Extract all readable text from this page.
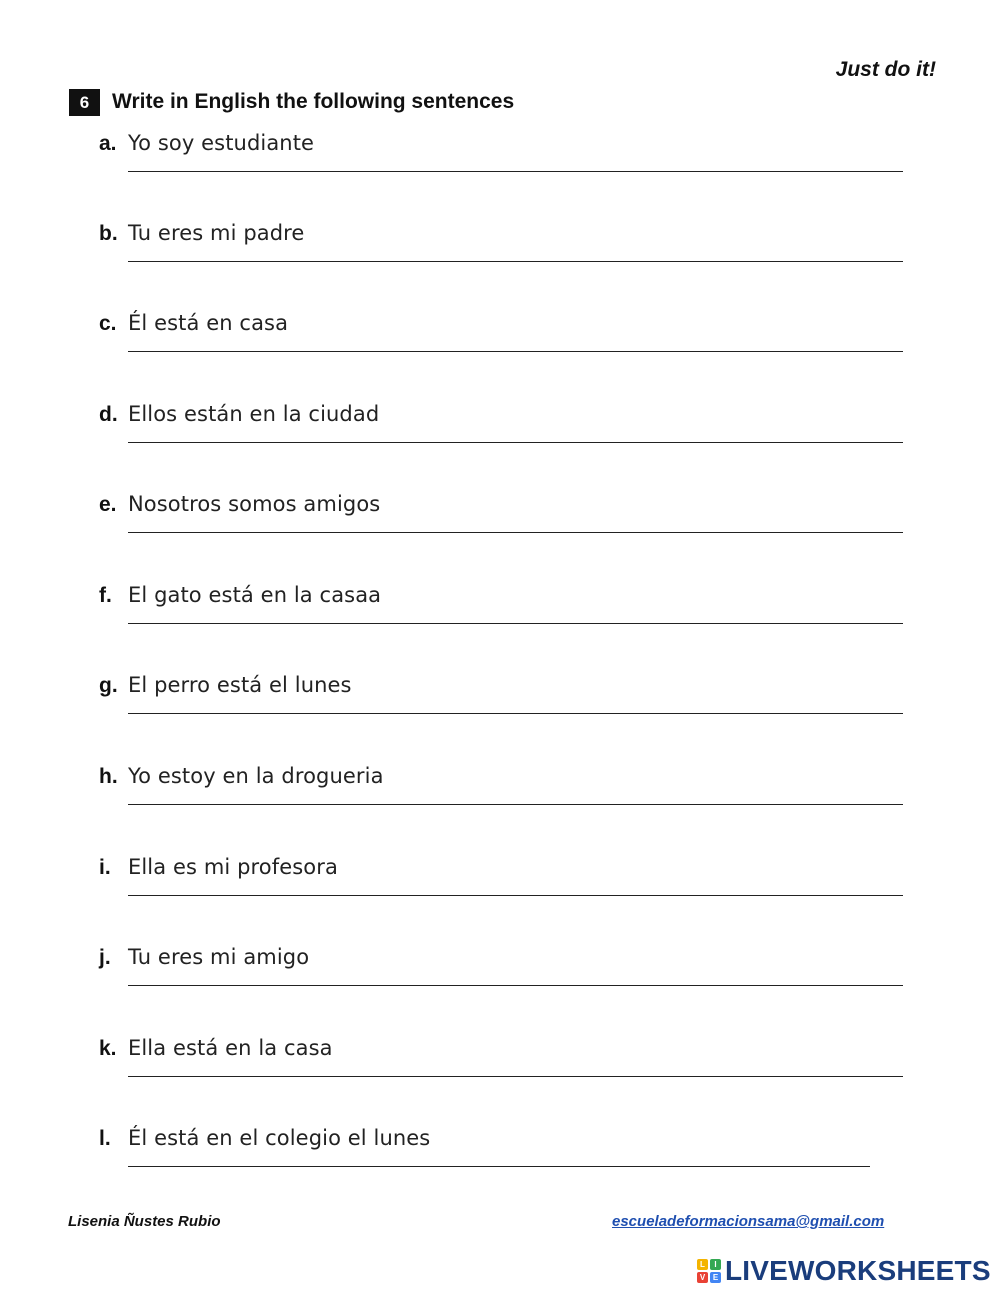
Just do it!
6	Write in English the following sentences
a. Yo soy estudiante
b. Tu eres mi padre
c. Él está en casa
d. Ellos están en la ciudad
e. Nosotros somos amigos
f. El gato está en la casaa
g. El perro está el lunes
h. Yo estoy en la drogueria
i. Ella es mi profesora
j. Tu eres mi amigo
k. Ella está en la casa
l. Él está en el colegio el lunes
Lisenia Ñustes Rubio	escueladeformacionsama@gmail.com
L	I
V E LIVEWORKSHEETS
